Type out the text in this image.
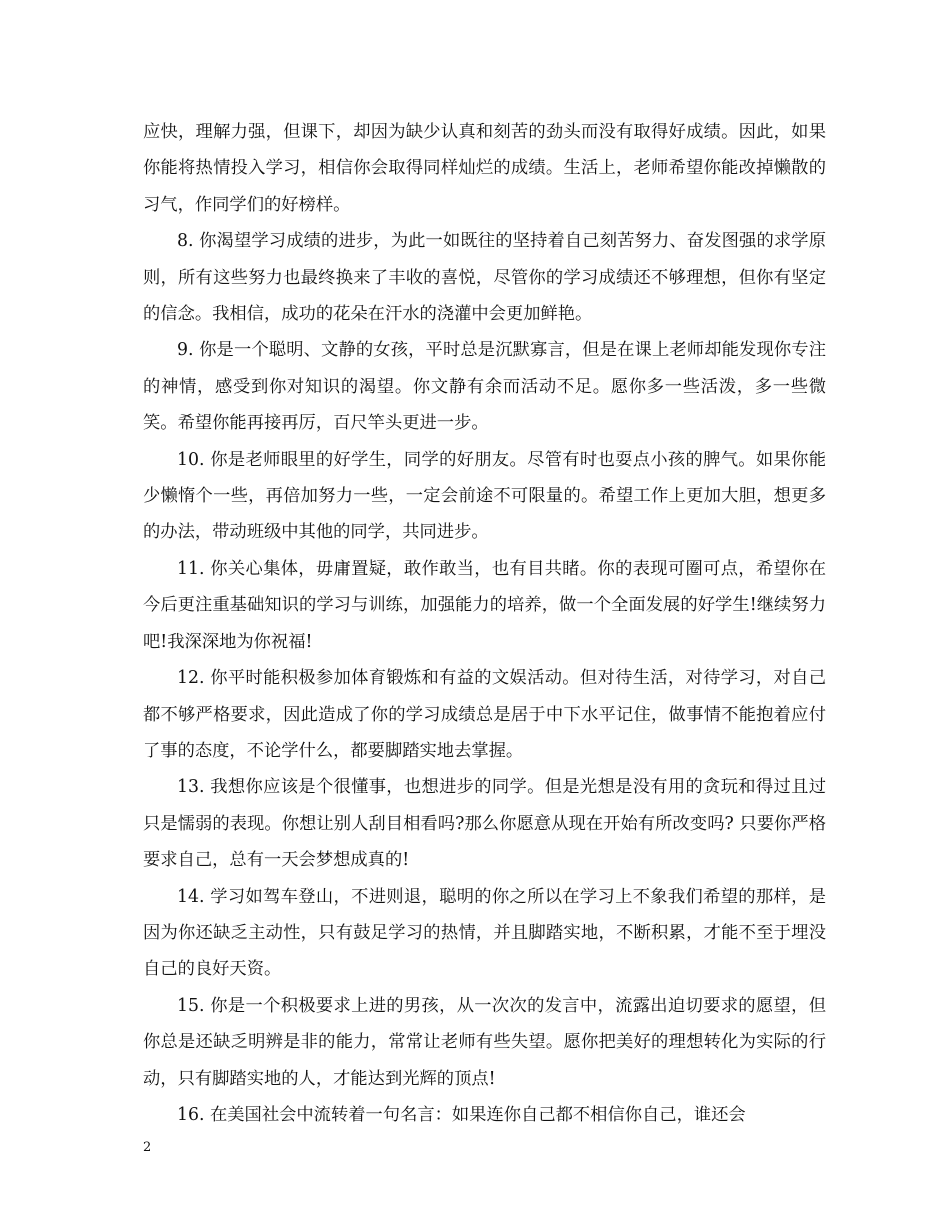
应快，理解力强，但课下，却因为缺少认真和刻苦的劲头而没有取得好成绩。因此，如果你能将热情投入学习，相信你会取得同样灿烂的成绩。生活上，老师希望你能改掉懒散的习气，作同学们的好榜样。

8. 你渴望学习成绩的进步，为此一如既往的坚持着自己刻苦努力、奋发图强的求学原则，所有这些努力也最终换来了丰收的喜悦，尽管你的学习成绩还不够理想，但你有坚定的信念。我相信，成功的花朵在汗水的浇灌中会更加鲜艳。

9. 你是一个聪明、文静的女孩，平时总是沉默寡言，但是在课上老师却能发现你专注的神情，感受到你对知识的渴望。你文静有余而活动不足。愿你多一些活泼，多一些微笑。希望你能再接再厉，百尺竿头更进一步。

10. 你是老师眼里的好学生，同学的好朋友。尽管有时也耍点小孩的脾气。如果你能少懒惰个一些，再倍加努力一些，一定会前途不可限量的。希望工作上更加大胆，想更多的办法，带动班级中其他的同学，共同进步。

11. 你关心集体，毋庸置疑，敢作敢当，也有目共睹。你的表现可圈可点，希望你在今后更注重基础知识的学习与训练，加强能力的培养，做一个全面发展的好学生!继续努力吧!我深深地为你祝福!

12. 你平时能积极参加体育锻炼和有益的文娱活动。但对待生活，对待学习，对自己都不够严格要求，因此造成了你的学习成绩总是居于中下水平记住，做事情不能抱着应付了事的态度，不论学什么，都要脚踏实地去掌握。

13. 我想你应该是个很懂事，也想进步的同学。但是光想是没有用的贪玩和得过且过只是懦弱的表现。你想让别人刮目相看吗?那么你愿意从现在开始有所改变吗? 只要你严格要求自己，总有一天会梦想成真的!

14. 学习如驾车登山，不进则退，聪明的你之所以在学习上不象我们希望的那样，是因为你还缺乏主动性，只有鼓足学习的热情，并且脚踏实地，不断积累，才能不至于埋没自己的良好天资。

15. 你是一个积极要求上进的男孩，从一次次的发言中，流露出迫切要求的愿望，但你总是还缺乏明辨是非的能力，常常让老师有些失望。愿你把美好的理想转化为实际的行动，只有脚踏实地的人，才能达到光辉的顶点!

16. 在美国社会中流转着一句名言：如果连你自己都不相信你自己，谁还会

2
